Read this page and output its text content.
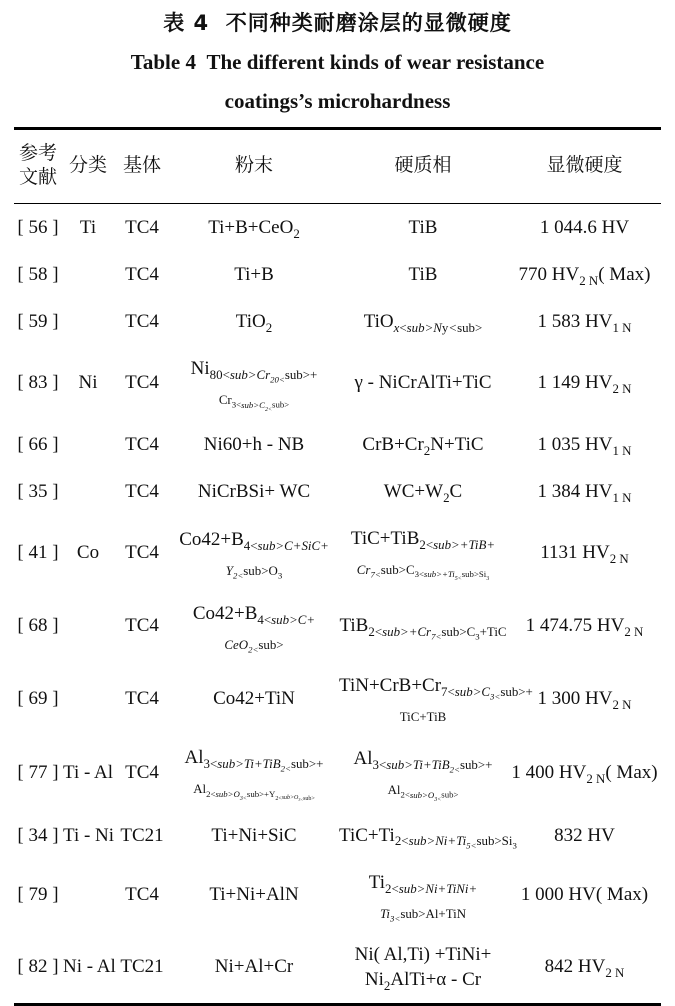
表 4  不同种类耐磨涂层的显微硬度
Table 4  The different kinds of wear resistance
coatings’s microhardness
参考
文献	分类	基体	粉末	硬质相	显微硬度
[ 56 ]	Ti	TC4	Ti+B+CeO$_2$	TiB	1 044.6 HV
[ 58 ]		TC4	Ti+B	TiB	770 $HV_{2 N}$( Max)
[ 59 ]		TC4	TiO$_2$	TiO$_{x<sub>Ny<sub>}$	1 583 $HV_{1 N}$
[ 83 ]	Ni	TC4	$Ni_{80<sub>Cr_{20<}sub>+ Cr_{3<sub>C_{2<}sub>}}$	γ - NiCrAlTi+TiC	1 149 $HV_{2 N}$
[ 66 ]		TC4	Ni60+h - NB	$CrB+Cr_2N+TiC$	1 035 $HV_{1 N}$
[ 35 ]		TC4	NiCrBSi+ WC	$WC+W_2C$	1 384 $HV_{1 N}$
[ 41 ]	Co	TC4	$Co42+B_{4<sub>C+SiC+ Y_{2<}sub>O_3}$	TiC+TiB$_{2<sub>+TiB+ Cr_{7<}sub>C_{3<sub>+Ti_{5<}sub>Si_3}}$	1131 $HV_{2 N}$
[ 68 ]		TC4	$Co42+B_{4<sub>C+ CeO_{2<}sub>}$	TiB$_{2<sub>+Cr_{7<}sub>C_3+TiC}$	1 474.75 $HV_{2 N}$
[ 69 ]		TC4	Co42+TiN	$TiN+CrB+Cr_{7<sub>C_{3<}sub>+ TiC+TiB}$	1 300 $HV_{2 N}$
[ 77 ]	Ti - Al	TC4	$Al_{3<sub>Ti+TiB_{2<}sub>+ Al_{2<sub>O_{3<}sub>+Y_{2<sub>O_{3<}sub>}}}$	$Al_{3<sub>Ti+TiB_{2<}sub>+ Al_{2<sub>O_{3<}sub>}}$	1 400 $HV_{2 N}$( Max)
[ 34 ]	Ti - Ni	TC21	Ti+Ni+SiC	$TiC+Ti_{2<sub>Ni+Ti_{5<}sub>Si_3}$	832 HV
[ 79 ]		TC4	Ti+Ni+AlN	$Ti_{2<sub>Ni+TiNi+ Ti_{3<}sub>Al+TiN}$	1 000 HV( Max)
[ 82 ]	Ni - Al	TC21	Ni+Al+Cr	Ni( Al,Ti) +TiNi+
$Ni_2AlTi+\alpha - Cr$	842 $HV_{2 N}$
